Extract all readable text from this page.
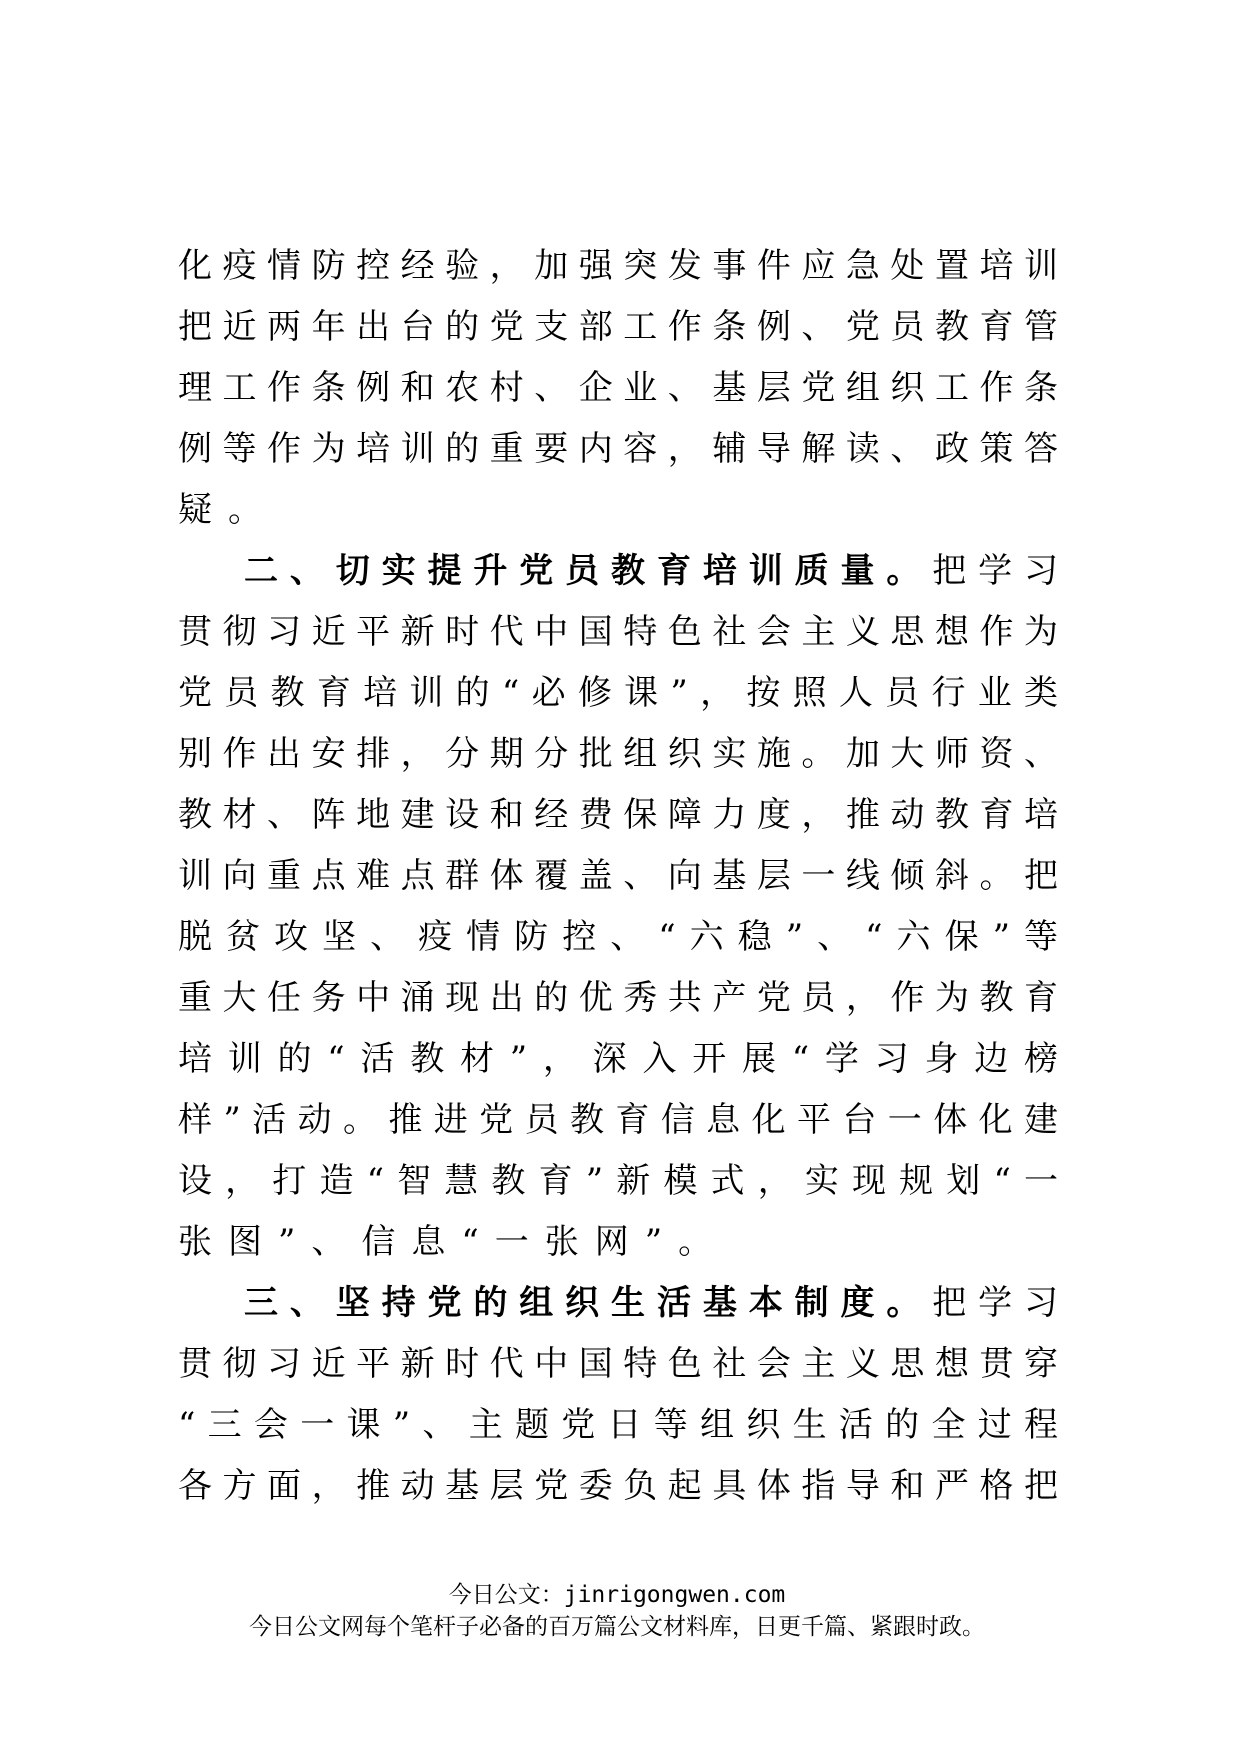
化疫情防控经验，加强突发事件应急处置培训
把近两年出台的党支部工作条例、党员教育管
理工作条例和农村、企业、基层党组织工作条
例等作为培训的重要内容，辅导解读、政策答
疑。
二、切实提升党员教育培训质量。把学习
贯彻习近平新时代中国特色社会主义思想作为
党员教育培训的“必修课”，按照人员行业类
别作出安排，分期分批组织实施。加大师资、
教材、阵地建设和经费保障力度，推动教育培
训向重点难点群体覆盖、向基层一线倾斜。把
脱贫攻坚、疫情防控、“六稳”、“六保”等
重大任务中涌现出的优秀共产党员，作为教育
培训的“活教材”，深入开展“学习身边榜
样”活动。推进党员教育信息化平台一体化建
设，打造“智慧教育”新模式，实现规划“一
张图”、信息“一张网”。
三、坚持党的组织生活基本制度。把学习
贯彻习近平新时代中国特色社会主义思想贯穿
“三会一课”、主题党日等组织生活的全过程
各方面，推动基层党委负起具体指导和严格把
今日公文：jinrigongwen.com
今日公文网每个笔杆子必备的百万篇公文材料库，日更千篇、紧跟时政。
